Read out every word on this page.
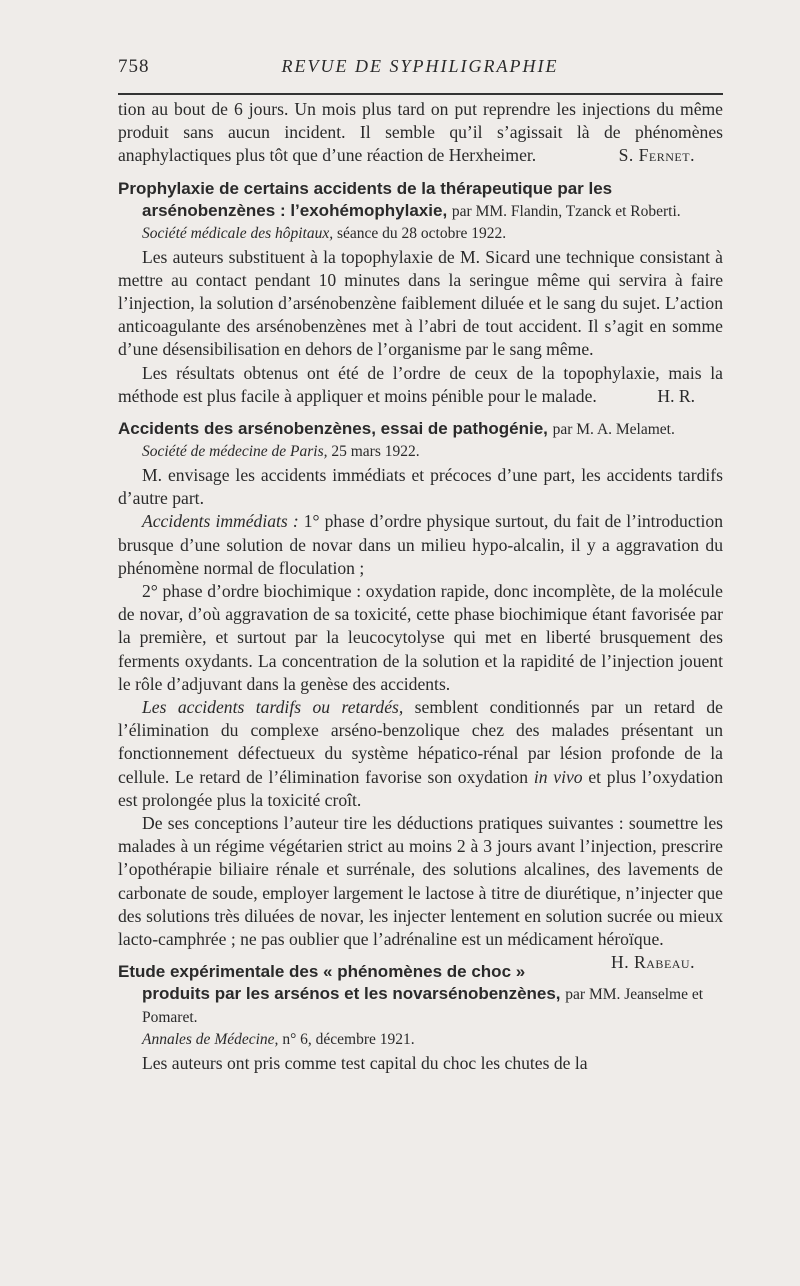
758	REVUE DE SYPHILIGRAPHIE

tion au bout de 6 jours. Un mois plus tard on put reprendre les injections du même produit sans aucun incident. Il semble qu’il s’agissait là de phénomènes anaphylactiques plus tôt que d’une réaction de Herxheimer.	S. Fernet.

Prophylaxie de certains accidents de la thérapeutique par les arsénobenzènes : l’exohémophylaxie, par MM. Flandin, Tzanck et Roberti.

Société médicale des hôpitaux, séance du 28 octobre 1922.

Les auteurs substituent à la topophylaxie de M. Sicard une technique consistant à mettre au contact pendant 10 minutes dans la seringue même qui servira à faire l’injection, la solution d’arsénobenzène faiblement diluée et le sang du sujet. L’action anticoagulante des arsénobenzènes met à l’abri de tout accident. Il s’agit en somme d’une désensibilisation en dehors de l’organisme par le sang même.

Les résultats obtenus ont été de l’ordre de ceux de la topophylaxie, mais la méthode est plus facile à appliquer et moins pénible pour le malade.	H. R.

Accidents des arsénobenzènes, essai de pathogénie, par M. A. Melamet.

Société de médecine de Paris, 25 mars 1922.

M. envisage les accidents immédiats et précoces d’une part, les accidents tardifs d’autre part.

Accidents immédiats : 1° phase d’ordre physique surtout, du fait de l’introduction brusque d’une solution de novar dans un milieu hypo-alcalin, il y a aggravation du phénomène normal de floculation ;

2° phase d’ordre biochimique : oxydation rapide, donc incomplète, de la molécule de novar, d’où aggravation de sa toxicité, cette phase biochimique étant favorisée par la première, et surtout par la leucocytolyse qui met en liberté brusquement des ferments oxydants. La concentration de la solution et la rapidité de l’injection jouent le rôle d’adjuvant dans la genèse des accidents.

Les accidents tardifs ou retardés, semblent conditionnés par un retard de l’élimination du complexe arséno-benzolique chez des malades présentant un fonctionnement défectueux du système hépatico-rénal par lésion profonde de la cellule. Le retard de l’élimination favorise son oxydation in vivo et plus l’oxydation est prolongée plus la toxicité croît.

De ses conceptions l’auteur tire les déductions pratiques suivantes : soumettre les malades à un régime végétarien strict au moins 2 à 3 jours avant l’injection, prescrire l’opothérapie biliaire rénale et surrénale, des solutions alcalines, des lavements de carbonate de soude, employer largement le lactose à titre de diurétique, n’injecter que des solutions très diluées de novar, les injecter lentement en solution sucrée ou mieux lacto-camphrée ; ne pas oublier que l’adrénaline est un médicament héroïque.
H. Rabeau.

Etude expérimentale des « phénomènes de choc » produits par les arsénos et les novarsénobenzènes, par MM. Jeanselme et Pomaret.

Annales de Médecine, n° 6, décembre 1921.

Les auteurs ont pris comme test capital du choc les chutes de la
